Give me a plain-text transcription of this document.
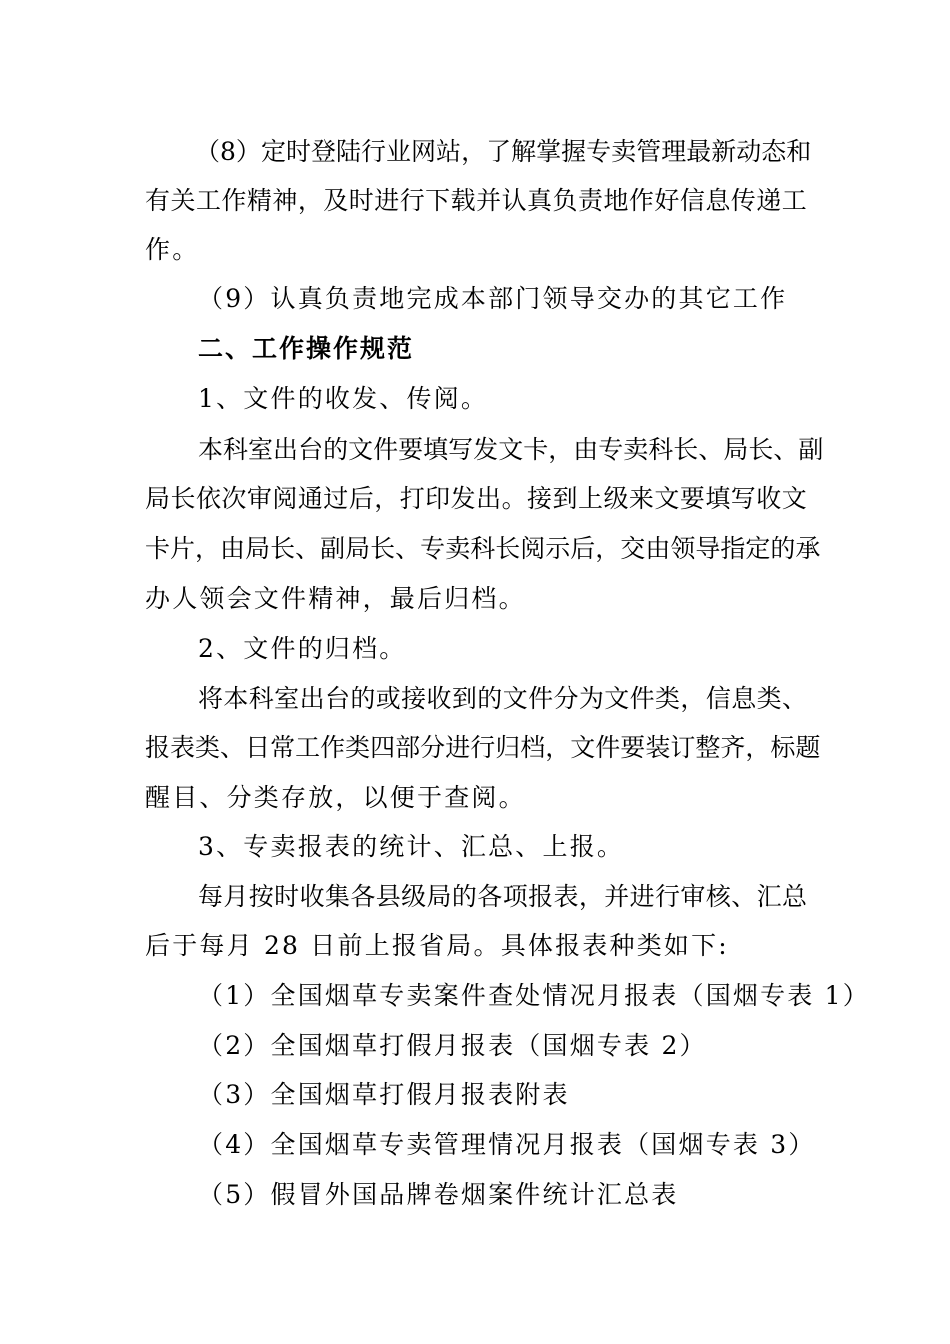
（ 8 ） 定 时 登 陆 行 业 网 站 ， 了 解 掌 握 专 卖 管 理 最 新 动 态 和
有 关 工 作 精 神 ， 及 时 进 行 下 载 并 认 真 负 责 地 作 好 信 息 传 递 工
作。
（9）认真负责地完成本部门领导交办的其它工作
二、工作操作规范
1、文件的收发、传阅。
本 科 室 出 台 的 文 件 要 填 写 发 文 卡 ， 由 专 卖 科 长 、 局 长 、 副
局 长 依 次 审 阅 通 过 后 ， 打 印 发 出 。 接 到 上 级 来 文 要 填 写 收 文
卡 片 ， 由 局 长 、 副 局 长 、 专 卖 科 长 阅 示 后 ， 交 由 领 导 指 定 的 承
办人领会文件精神，最后归档。
2、文件的归档。
将 本 科 室 出 台 的 或 接 收 到 的 文 件 分 为 文 件 类 ， 信 息 类 、
报 表 类 、 日 常 工 作 类 四 部 分 进 行 归 档 ， 文 件 要 装 订 整 齐 ， 标 题
醒目、分类存放，以便于查阅。
3、专卖报表的统计、汇总、上报。
每 月 按 时 收 集 各 县 级 局 的 各 项 报 表 ， 并 进 行 审 核 、 汇 总
后于每月 28 日前上报省局。具体报表种类如下:
（1）全国烟草专卖案件查处情况月报表（国烟专表 1）
（2）全国烟草打假月报表（国烟专表 2）
（3）全国烟草打假月报表附表
（4）全国烟草专卖管理情况月报表（国烟专表 3）
（5）假冒外国品牌卷烟案件统计汇总表
